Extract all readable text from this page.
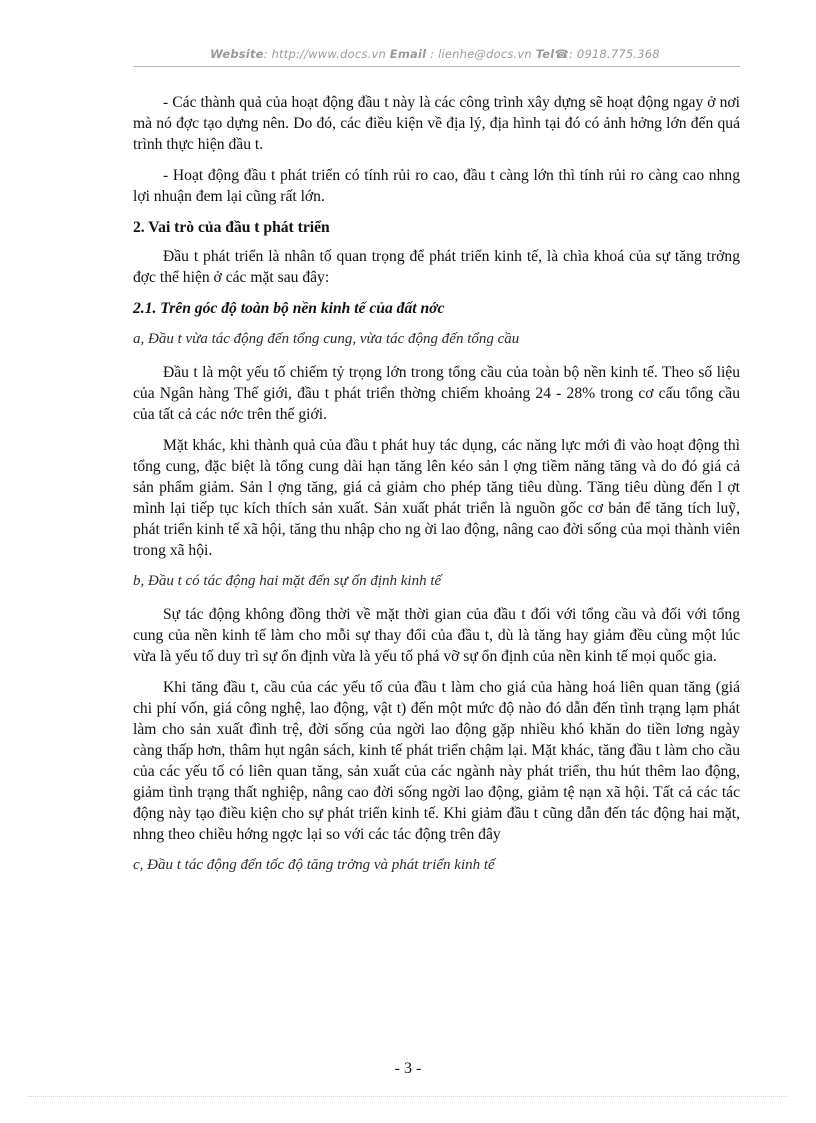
Website: http://www.docs.vn Email : lienhe@docs.vn Tel☎: 0918.775.368

- Các thành quả của hoạt động đầu t này là các công trình xây dựng sẽ hoạt động ngay ở nơi mà nó đợc tạo dựng nên. Do đó, các điều kiện về địa lý, địa hình tại đó có ảnh hởng lớn đến quá trình thực hiện đầu t.

- Hoạt động đầu t phát triển có tính rủi ro cao, đầu t càng lớn thì tính rủi ro càng cao nhng lợi nhuận đem lại cũng rất lớn.

2. Vai trò của đầu t phát triển

Đầu t phát triển là nhân tố quan trọng để phát triển kinh tế, là chìa khoá của sự tăng trởng đợc thể hiện ở các mặt sau đây:

2.1. Trên góc độ toàn bộ nền kinh tế của đất nớc
a, Đầu t vừa tác động đến tổng cung, vừa tác động đến tổng cầu

Đầu t là một yếu tố chiếm tỷ trọng lớn trong tổng cầu của toàn bộ nền kinh tế. Theo số liệu của Ngân hàng Thế giới, đầu t phát triển thờng chiếm khoảng 24 - 28% trong cơ cấu tổng cầu của tất cả các nớc trên thế giới.

Mặt khác, khi thành quả của đầu t phát huy tác dụng, các năng lực mới đi vào hoạt động thì tổng cung, đặc biệt là tổng cung dài hạn tăng lên kéo sản l ợng tiềm năng tăng và do đó giá cả sản phẩm giảm. Sản l ợng tăng, giá cả giảm cho phép tăng tiêu dùng. Tăng tiêu dùng đến l ợt mình lại tiếp tục kích thích sản xuất. Sản xuất phát triển là nguồn gốc cơ bản để tăng tích luỹ, phát triển kinh tế xã hội, tăng thu nhập cho ng ời lao động, nâng cao đời sống của mọi thành viên trong xã hội.

b, Đầu t có tác động hai mặt đến sự ổn định kinh tế

Sự tác động không đồng thời về mặt thời gian của đầu t đối với tổng cầu và đối với tổng cung của nền kinh tế làm cho mỗi sự thay đổi của đầu t, dù là tăng hay giảm đều cùng một lúc vừa là yếu tố duy trì sự ổn định vừa là yếu tố phá vỡ sự ổn định của nền kinh tế mọi quốc gia.

Khi tăng đầu t, cầu của các yếu tố của đầu t làm cho giá của hàng hoá liên quan tăng (giá chi phí vốn, giá công nghệ, lao động, vật t) đến một mức độ nào đó dẫn đến tình trạng lạm phát làm cho sản xuất đình trệ, đời sống của ngời lao động gặp nhiều khó khăn do tiền lơng ngày càng thấp hơn, thâm hụt ngân sách, kinh tế phát triển chậm lại. Mặt khác, tăng đầu t làm cho cầu của các yếu tố có liên quan tăng, sản xuất của các ngành này phát triển, thu hút thêm lao động, giảm tình trạng thất nghiệp, nâng cao đời sống ngời lao động, giảm tệ nạn xã hội. Tất cả các tác động này tạo điều kiện cho sự phát triển kinh tế. Khi giảm đầu t cũng dẫn đến tác động hai mặt, nhng theo chiều hớng ngợc lại so với các tác động trên đây

c, Đầu t tác động đến tốc độ tăng trởng và phát triển kinh tế
- 3 -
